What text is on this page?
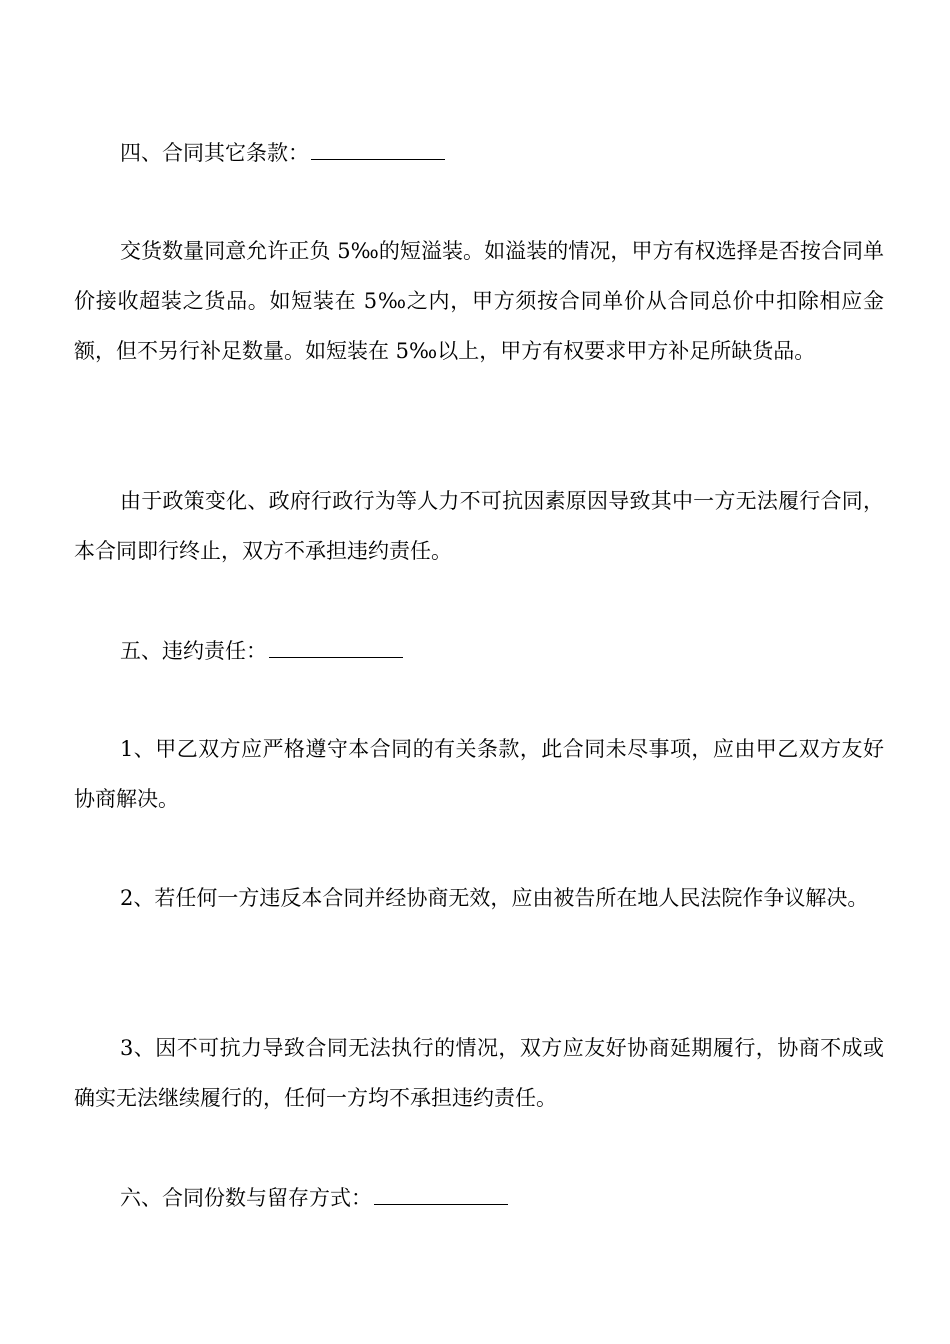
四、合同其它条款：

交货数量同意允许正负 5‰的短溢装。如溢装的情况，甲方有权选择是否按合同单价接收超装之货品。如短装在 5‰之内，甲方须按合同单价从合同总价中扣除相应金额，但不另行补足数量。如短装在 5‰以上，甲方有权要求甲方补足所缺货品。

由于政策变化、政府行政行为等人力不可抗因素原因导致其中一方无法履行合同，本合同即行终止，双方不承担违约责任。

五、违约责任：

1、甲乙双方应严格遵守本合同的有关条款，此合同未尽事项，应由甲乙双方友好协商解决。

2、若任何一方违反本合同并经协商无效，应由被告所在地人民法院作争议解决。

3、因不可抗力导致合同无法执行的情况，双方应友好协商延期履行，协商不成或确实无法继续履行的，任何一方均不承担违约责任。

六、合同份数与留存方式：
